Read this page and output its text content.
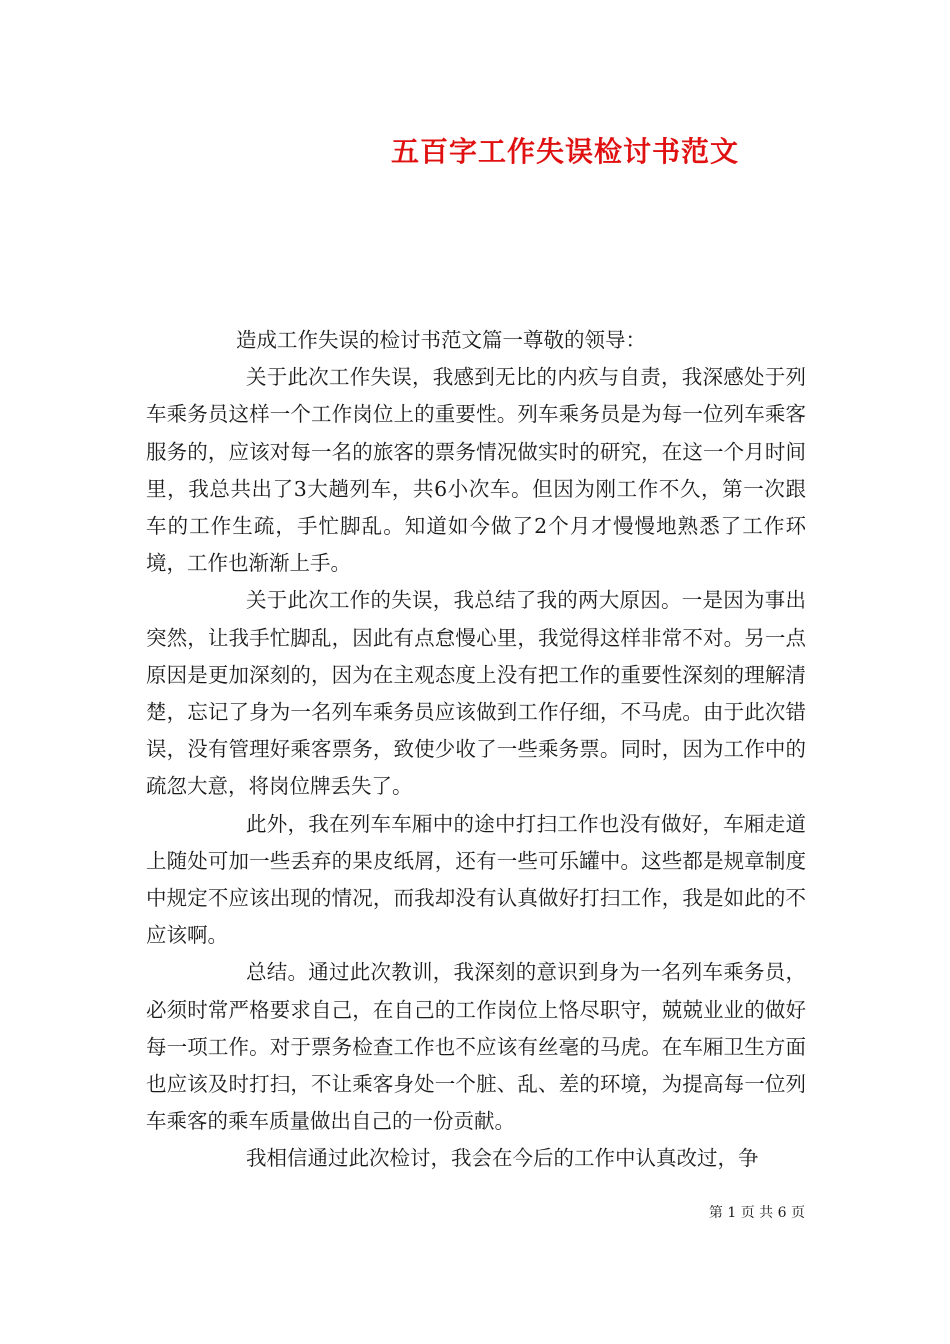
五百字工作失误检讨书范文

造成工作失误的检讨书范文篇一尊敬的领导：

关于此次工作失误，我感到无比的内疚与自责，我深感处于列车乘务员这样一个工作岗位上的重要性。列车乘务员是为每一位列车乘客服务的，应该对每一名的旅客的票务情况做实时的研究，在这一个月时间里，我总共出了3大趟列车，共6小次车。但因为刚工作不久，第一次跟车的工作生疏，手忙脚乱。知道如今做了2个月才慢慢地熟悉了工作环境，工作也渐渐上手。

关于此次工作的失误，我总结了我的两大原因。一是因为事出突然，让我手忙脚乱，因此有点怠慢心里，我觉得这样非常不对。另一点原因是更加深刻的，因为在主观态度上没有把工作的重要性深刻的理解清楚，忘记了身为一名列车乘务员应该做到工作仔细，不马虎。由于此次错误，没有管理好乘客票务，致使少收了一些乘务票。同时，因为工作中的疏忽大意，将岗位牌丢失了。

此外，我在列车车厢中的途中打扫工作也没有做好，车厢走道上随处可加一些丢弃的果皮纸屑，还有一些可乐罐中。这些都是规章制度中规定不应该出现的情况，而我却没有认真做好打扫工作，我是如此的不应该啊。

总结。通过此次教训，我深刻的意识到身为一名列车乘务员，必须时常严格要求自己，在自己的工作岗位上恪尽职守，兢兢业业的做好每一项工作。对于票务检查工作也不应该有丝毫的马虎。在车厢卫生方面也应该及时打扫，不让乘客身处一个脏、乱、差的环境，为提高每一位列车乘客的乘车质量做出自己的一份贡献。

我相信通过此次检讨，我会在今后的工作中认真改过，争

第 1 页 共 6 页
